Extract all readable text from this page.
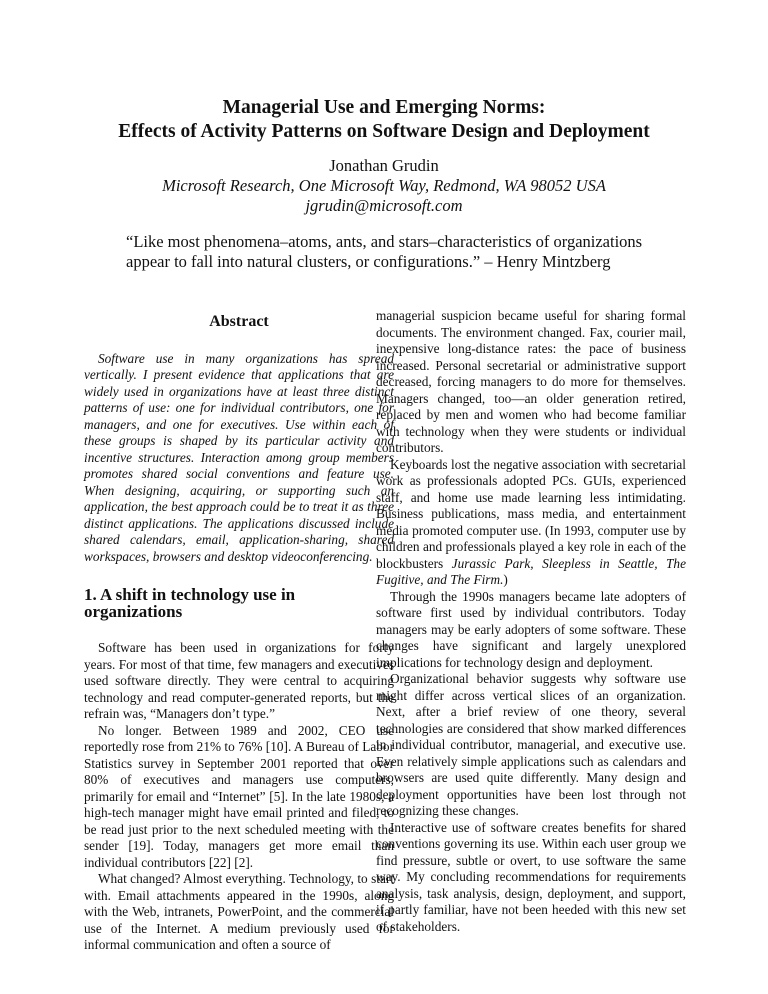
Managerial Use and Emerging Norms:
Effects of Activity Patterns on Software Design and Deployment
Jonathan Grudin
Microsoft Research, One Microsoft Way, Redmond, WA 98052 USA
jgrudin@microsoft.com
“Like most phenomena–atoms, ants, and stars–characteristics of organizations appear to fall into natural clusters, or configurations.” – Henry Mintzberg
Abstract

Software use in many organizations has spread vertically. I present evidence that applications that are widely used in organizations have at least three distinct patterns of use: one for individual contributors, one for managers, and one for executives. Use within each of these groups is shaped by its particular activity and incentive structures. Interaction among group members promotes shared social conventions and feature use. When designing, acquiring, or supporting such an application, the best approach could be to treat it as three distinct applications. The applications discussed include shared calendars, email, application-sharing, shared workspaces, browsers and desktop videoconferencing.

1. A shift in technology use in organizations

Software has been used in organizations for forty years. For most of that time, few managers and executives used software directly. They were central to acquiring technology and read computer-generated reports, but the refrain was, “Managers don’t type.”

No longer. Between 1989 and 2002, CEO use reportedly rose from 21% to 76% [10]. A Bureau of Labor Statistics survey in September 2001 reported that over 80% of executives and managers use computers, primarily for email and “Internet” [5]. In the late 1980s, a high-tech manager might have email printed and filed, to be read just prior to the next scheduled meeting with the sender [19]. Today, managers get more email than individual contributors [22] [2].

What changed? Almost everything. Technology, to start with. Email attachments appeared in the 1990s, along with the Web, intranets, PowerPoint, and the commercial use of the Internet. A medium previously used for informal communication and often a source of

managerial suspicion became useful for sharing formal documents. The environment changed. Fax, courier mail, inexpensive long-distance rates: the pace of business increased. Personal secretarial or administrative support decreased, forcing managers to do more for themselves. Managers changed, too—an older generation retired, replaced by men and women who had become familiar with technology when they were students or individual contributors.

Keyboards lost the negative association with secretarial work as professionals adopted PCs. GUIs, experienced staff, and home use made learning less intimidating. Business publications, mass media, and entertainment media promoted computer use. (In 1993, computer use by children and professionals played a key role in each of the blockbusters Jurassic Park, Sleepless in Seattle, The Fugitive, and The Firm.)

Through the 1990s managers became late adopters of software first used by individual contributors. Today managers may be early adopters of some software. These changes have significant and largely unexplored implications for technology design and deployment.

Organizational behavior suggests why software use might differ across vertical slices of an organization. Next, after a brief review of one theory, several technologies are considered that show marked differences in individual contributor, managerial, and executive use. Even relatively simple applications such as calendars and browsers are used quite differently. Many design and deployment opportunities have been lost through not recognizing these changes.

Interactive use of software creates benefits for shared conventions governing its use. Within each user group we find pressure, subtle or overt, to use software the same way. My concluding recommendations for requirements analysis, task analysis, design, deployment, and support, if partly familiar, have not been heeded with this new set of stakeholders.
